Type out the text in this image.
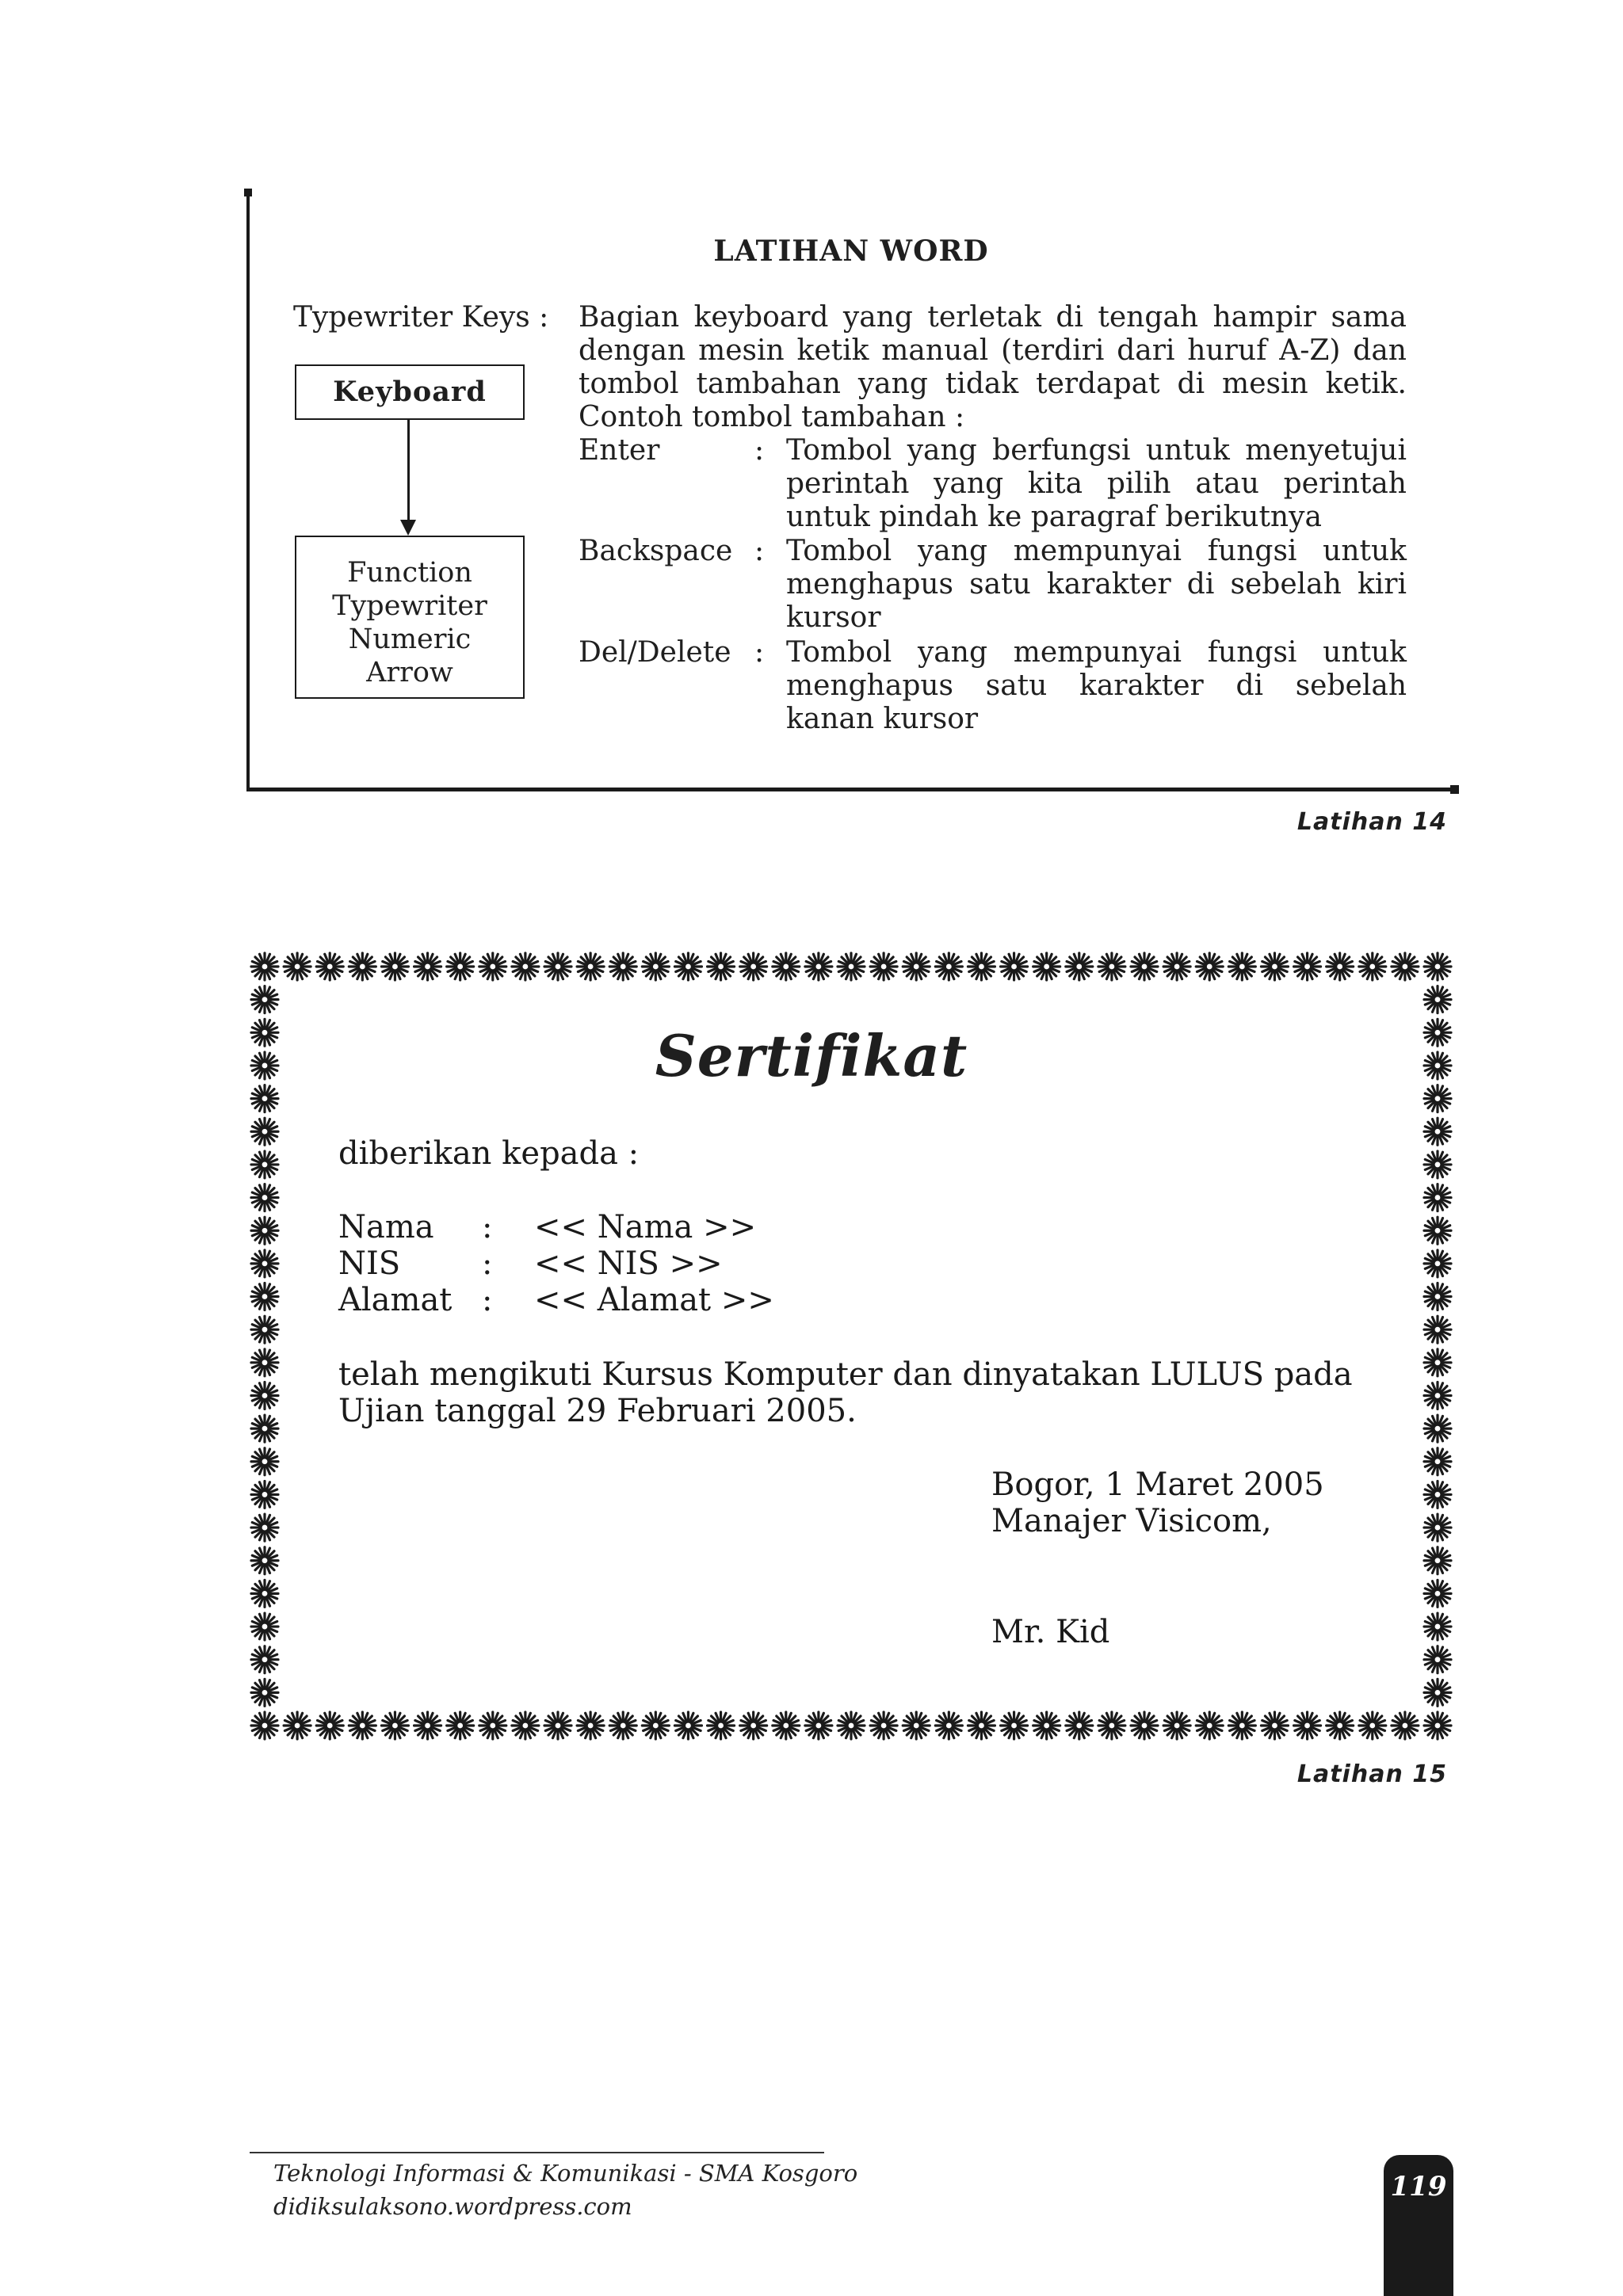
LATIHAN WORD
Typewriter Keys :
Keyboard
Function
Typewriter
Numeric
Arrow
Bagian keyboard yang terletak di tengah hampir sama
dengan mesin ketik manual (terdiri dari huruf A-Z) dan
tombol tambahan yang tidak terdapat di mesin ketik.
Contoh tombol tambahan :
Enter	: Tombol yang berfungsi untuk menyetujui
perintah yang kita pilih atau perintah
untuk pindah ke paragraf berikutnya
Backspace : Tombol yang mempunyai fungsi untuk
menghapus satu karakter di sebelah kiri
kursor
Del/Delete : Tombol yang mempunyai fungsi untuk
menghapus satu karakter di sebelah
kanan kursor
Latihan 14
Sertifikat
diberikan kepada :
Nama : << Nama >>
NIS	: << NIS >>
Alamat : << Alamat >>
telah mengikuti Kursus Komputer dan dinyatakan LULUS pada
Ujian tanggal 29 Februari 2005.
Bogor, 1 Maret 2005
Manajer Visicom,
Mr. Kid
Latihan 15
Teknologi Informasi & Komunikasi - SMA Kosgoro
didiksulaksono.wordpress.com
119
